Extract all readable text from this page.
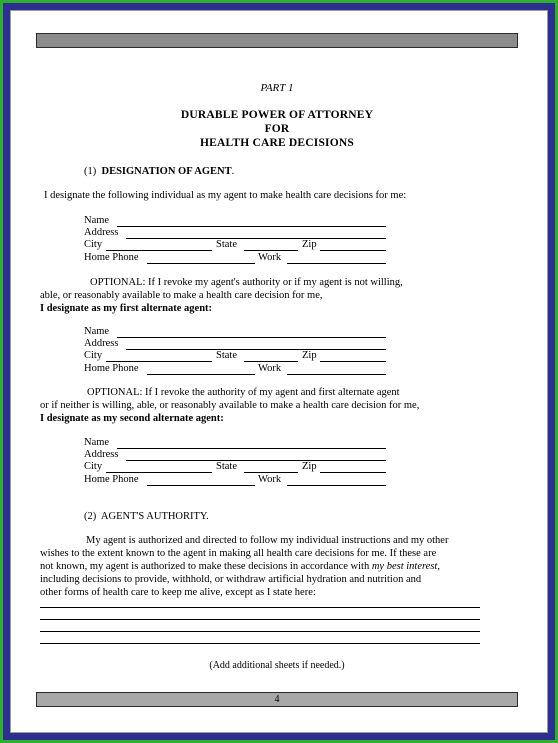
PART 1
DURABLE POWER OF ATTORNEY
FOR
HEALTH CARE DECISIONS
(1) DESIGNATION OF AGENT.
I designate the following individual as my agent to make health care decisions for me:
Name
Address
City	State	Zip
Home Phone	Work
OPTIONAL: If I revoke my agent's authority or if my agent is not willing,
able, or reasonably available to make a health care decision for me,
I designate as my first alternate agent:
Name
Address
City	State	Zip
Home Phone	Work
OPTIONAL: If I revoke the authority of my agent and first alternate agent
or if neither is willing, able, or reasonably available to make a health care decision for me,
I designate as my second alternate agent:
Name
Address
City	State	Zip
Home Phone	Work
(2) AGENT'S AUTHORITY.
My agent is authorized and directed to follow my individual instructions and my other
wishes to the extent known to the agent in making all health care decisions for me. If these are
not known, my agent is authorized to make these decisions in accordance with my best interest,
including decisions to provide, withhold, or withdraw artificial hydration and nutrition and
other forms of health care to keep me alive, except as I state here:
(Add additional sheets if needed.)
4
